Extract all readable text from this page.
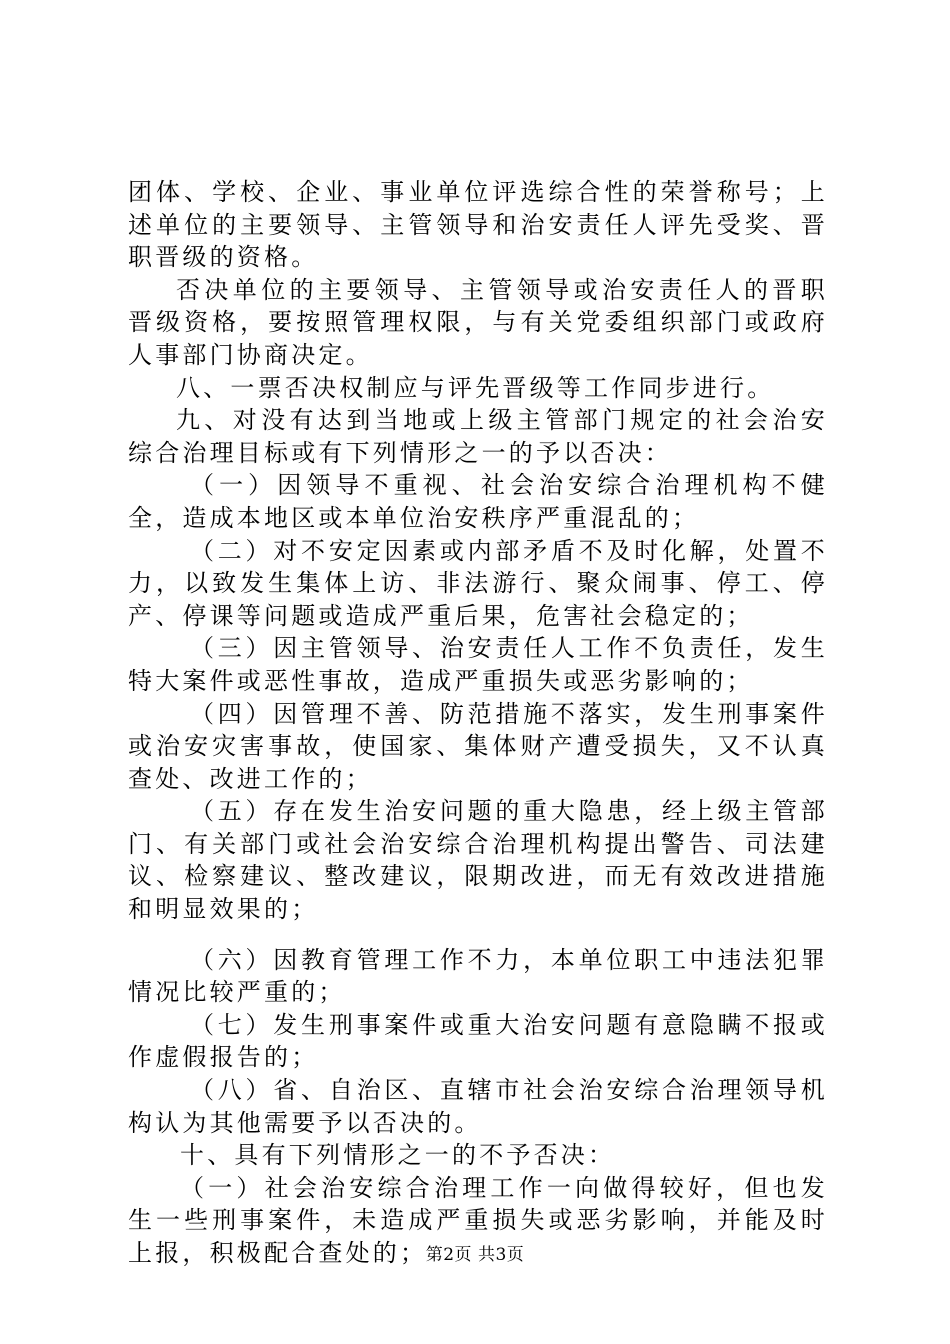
团体、学校、企业、事业单位评选综合性的荣誉称号；上述单位的主要领导、主管领导和治安责任人评先受奖、晋职晋级的资格。

否决单位的主要领导、主管领导或治安责任人的晋职晋级资格，要按照管理权限，与有关党委组织部门或政府人事部门协商决定。

八、一票否决权制应与评先晋级等工作同步进行。

九、对没有达到当地或上级主管部门规定的社会治安综合治理目标或有下列情形之一的予以否决：

（一）因领导不重视、社会治安综合治理机构不健全，造成本地区或本单位治安秩序严重混乱的；

（二）对不安定因素或内部矛盾不及时化解，处置不力，以致发生集体上访、非法游行、聚众闹事、停工、停产、停课等问题或造成严重后果，危害社会稳定的；

（三）因主管领导、治安责任人工作不负责任，发生特大案件或恶性事故，造成严重损失或恶劣影响的；

（四）因管理不善、防范措施不落实，发生刑事案件或治安灾害事故，使国家、集体财产遭受损失，又不认真查处、改进工作的；

（五）存在发生治安问题的重大隐患，经上级主管部门、有关部门或社会治安综合治理机构提出警告、司法建议、检察建议、整改建议，限期改进，而无有效改进措施和明显效果的；

（六）因教育管理工作不力，本单位职工中违法犯罪情况比较严重的；

（七）发生刑事案件或重大治安问题有意隐瞒不报或作虚假报告的；

（八）省、自治区、直辖市社会治安综合治理领导机构认为其他需要予以否决的。

十、具有下列情形之一的不予否决：

（一）社会治安综合治理工作一向做得较好，但也发生一些刑事案件，未造成严重损失或恶劣影响，并能及时上报，积极配合查处的；

第2页 共3页
